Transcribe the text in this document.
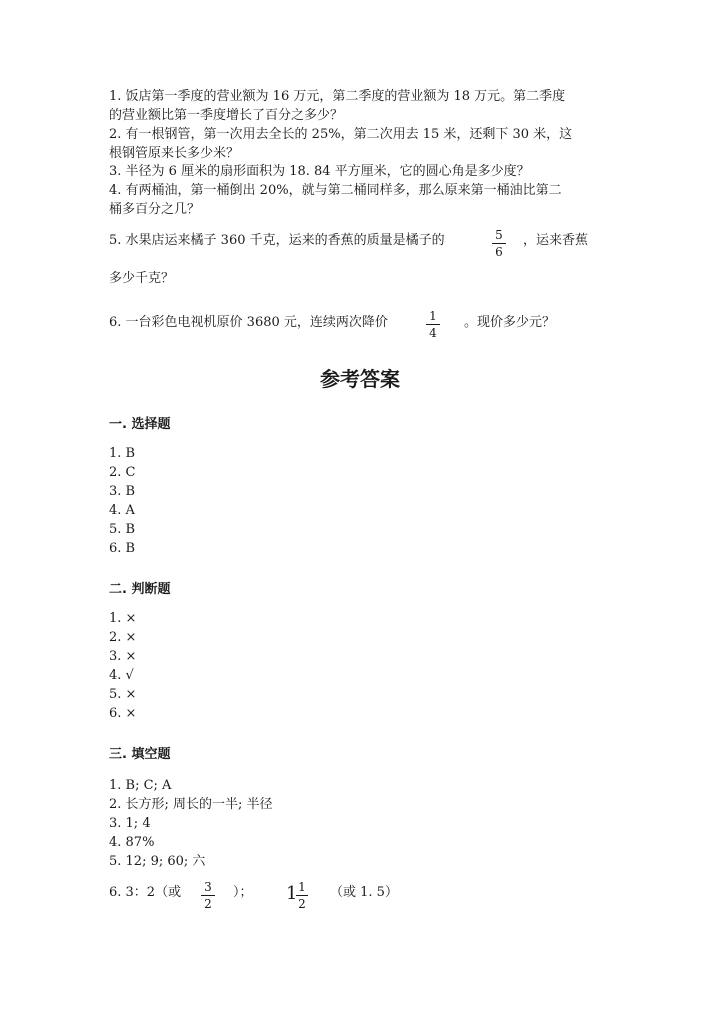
1. 饭店第一季度的营业额为 16 万元，第二季度的营业额为 18 万元。第二季度
的营业额比第一季度增长了百分之多少？
2. 有一根钢管，第一次用去全长的 25%，第二次用去 15 米，还剩下 30 米，这
根钢管原来长多少米？
3. 半径为 6 厘米的扇形面积为 18. 84 平方厘米，它的圆心角是多少度？
4. 有两桶油，第一桶倒出 20%，就与第二桶同样多，那么原来第一桶油比第二
桶多百分之几？
5. 水果店运来橘子 360 千克，运来的香蕉的质量是橘子的	5
6
，运来香蕉
多少千克？
6. 一台彩色电视机原价 3680 元，连续两次降价	1
4
。现价多少元？
参考答案
一. 选择题
1. B
2. C
3. B
4. A
5. B
6. B
二. 判断题
1. ×
2. ×
3. ×
4. √
5. ×
6. ×
三. 填空题
1. B; C; A
2. 长方形; 周长的一半; 半径
3. 1; 4
4. 87%
5. 12; 9; 60; 六
6. 3：2（或 3
2
）； 1 1
2
（或 1. 5）
